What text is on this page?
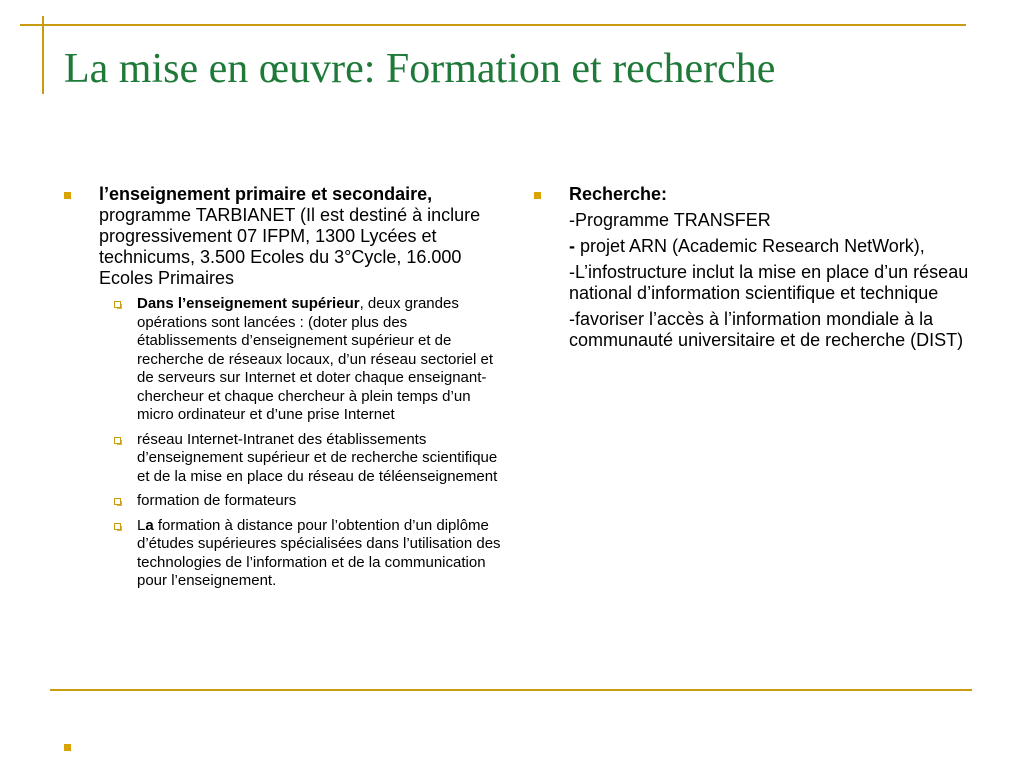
La mise en œuvre: Formation et recherche
l’enseignement primaire et secondaire, programme TARBIANET (Il est destiné à inclure progressivement 07 IFPM, 1300 Lycées et technicums, 3.500 Ecoles du 3°Cycle, 16.000 Ecoles Primaires
Dans l’enseignement supérieur, deux grandes opérations sont lancées : (doter plus des établissements d’enseignement supérieur et de recherche de réseaux locaux, d’un réseau sectoriel et de serveurs sur Internet et doter chaque enseignant-chercheur et chaque chercheur à plein temps d’un micro ordinateur et d’une prise Internet
réseau Internet-Intranet des établissements d’enseignement supérieur et de recherche scientifique et de la mise en place du réseau de téléenseignement
formation de formateurs
La formation à distance pour l’obtention d’un diplôme d’études supérieures spécialisées dans l’utilisation des technologies de l’information et de la communication pour l’enseignement.
Recherche:
-Programme TRANSFER
- projet ARN (Academic Research NetWork),
-L’infostructure inclut la mise en place d’un réseau national d’information scientifique et technique
-favoriser l’accès à l’information mondiale à la communauté universitaire et de recherche (DIST)
